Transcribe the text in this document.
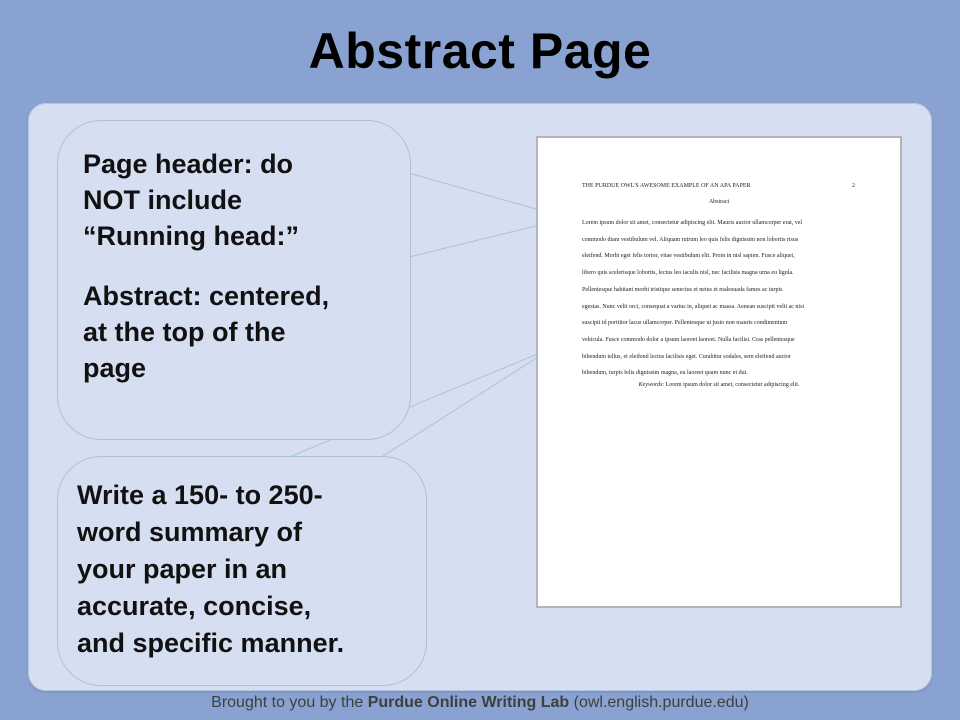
Abstract Page
Page header: do
NOT include
“Running head:”
Abstract: centered,
at the top of the
page
Write a 150- to 250-
word summary of
your paper in an
accurate, concise,
and specific manner.
THE PURDUE OWL'S AWESOME EXAMPLE OF AN APA PAPER	2
Abstract
Lorem ipsum dolor sit amet, consectetur adipiscing elit. Mauris auctor ullamcorper erat, vel
commodo diam vestibulum vel. Aliquam rutrum leo quis felis dignissim non lobortis risus
eleifend. Morbi eget felis tortor, vitae vestibulum elit. Proin in nisl sapien. Fusce aliquet,
libero quis scelerisque lobortis, lectus leo iaculis nisl, nec facilisis magna urna eu ligula.
Pellentesque habitant morbi tristique senectus et netus et malesuada fames ac turpis
egestas. Nunc velit orci, consequat a varius in, aliquet ac massa. Aenean suscipit velit ac nisi
suscipit id porttitor lacus ullamcorper. Pellentesque ut justo non mauris condimentum
vehicula. Fusce commodo dolor a ipsum laoreet laoreet. Nulla facilisi. Cras pellentesque
bibendum tellus, et eleifend lectus facilisis eget. Curabitur sodales, sem eleifend auctor
bibendum, turpis felis dignissim magna, eu laoreet quam nunc et dui.
Keywords: Lorem ipsum dolor sit amet, consectetur adipiscing elit.
Brought to you by the Purdue Online Writing Lab (owl.english.purdue.edu)
